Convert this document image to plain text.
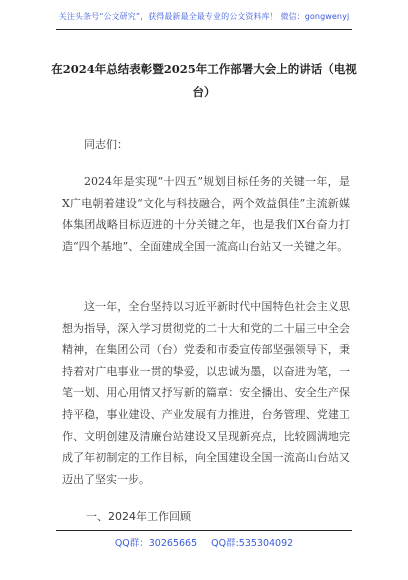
关注头条号“公文研究”，获得最新最全最专业的公文资料库！ 微信：gongwenyj
在2024年总结表彰暨2025年工作部署大会上的讲话（电视台）
同志们：
2024年是实现“十四五”规划目标任务的关键一年，是X广电朝着建设“文化与科技融合，两个效益俱佳”主流新媒体集团战略目标迈进的十分关键之年，也是我们X台奋力打造“四个基地”、全面建成全国一流高山台站又一关键之年。
这一年，全台坚持以习近平新时代中国特色社会主义思想为指导，深入学习贯彻党的二十大和党的二十届三中全会精神，在集团公司（台）党委和市委宣传部坚强领导下，秉持着对广电事业一贯的挚爱，以忠诚为墨，以奋进为笔，一笔一划、用心用情又抒写新的篇章：安全播出、安全生产保持平稳，事业建设、产业发展有力推进，台务管理、党建工作、文明创建及清廉台站建设又呈现新亮点，比较圆满地完成了年初制定的工作目标，向全国建设全国一流高山台站又迈出了坚实一步。
一、2024年工作回顾
QQ群：30265665 QQ群:535304092
